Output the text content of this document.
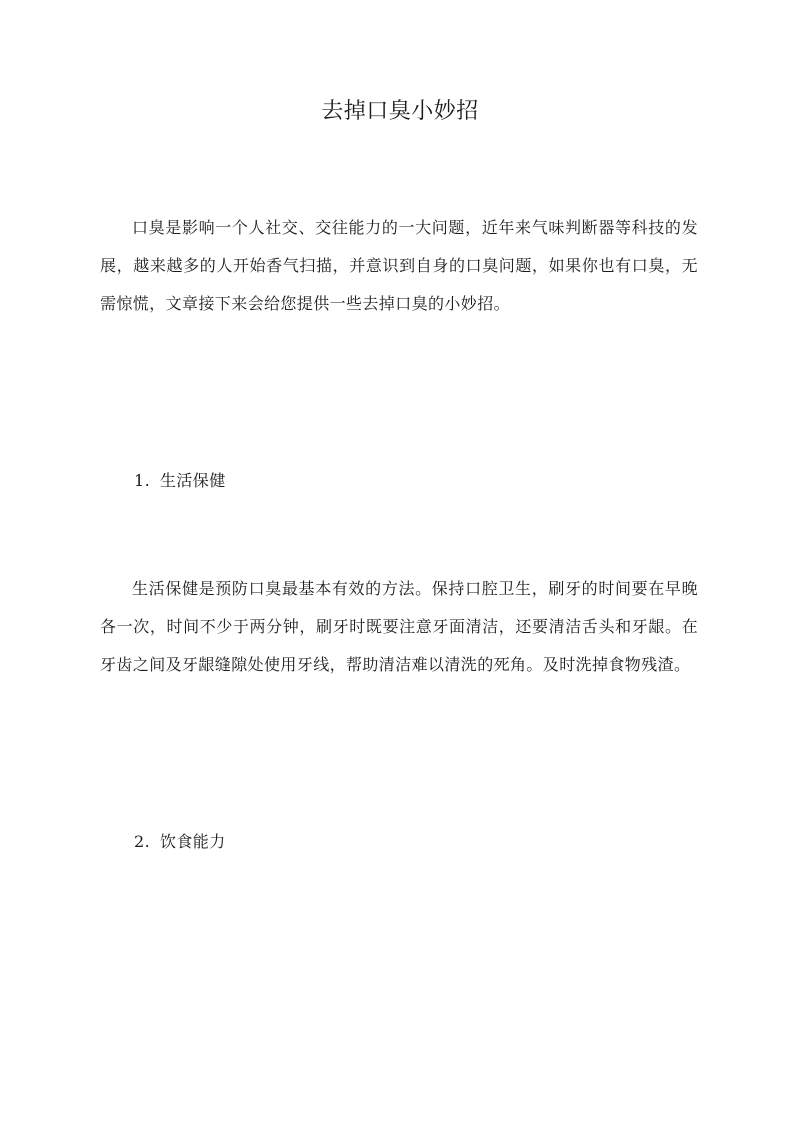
去掉口臭小妙招

口臭是影响一个人社交、交往能力的一大问题，近年来气味判断器等科技的发展，越来越多的人开始香气扫描，并意识到自身的口臭问题，如果你也有口臭，无需惊慌，文章接下来会给您提供一些去掉口臭的小妙招。

1. 生活保健

生活保健是预防口臭最基本有效的方法。保持口腔卫生，刷牙的时间要在早晚各一次，时间不少于两分钟，刷牙时既要注意牙面清洁，还要清洁舌头和牙龈。在牙齿之间及牙龈缝隙处使用牙线，帮助清洁难以清洗的死角。及时洗掉食物残渣。

2. 饮食能力
